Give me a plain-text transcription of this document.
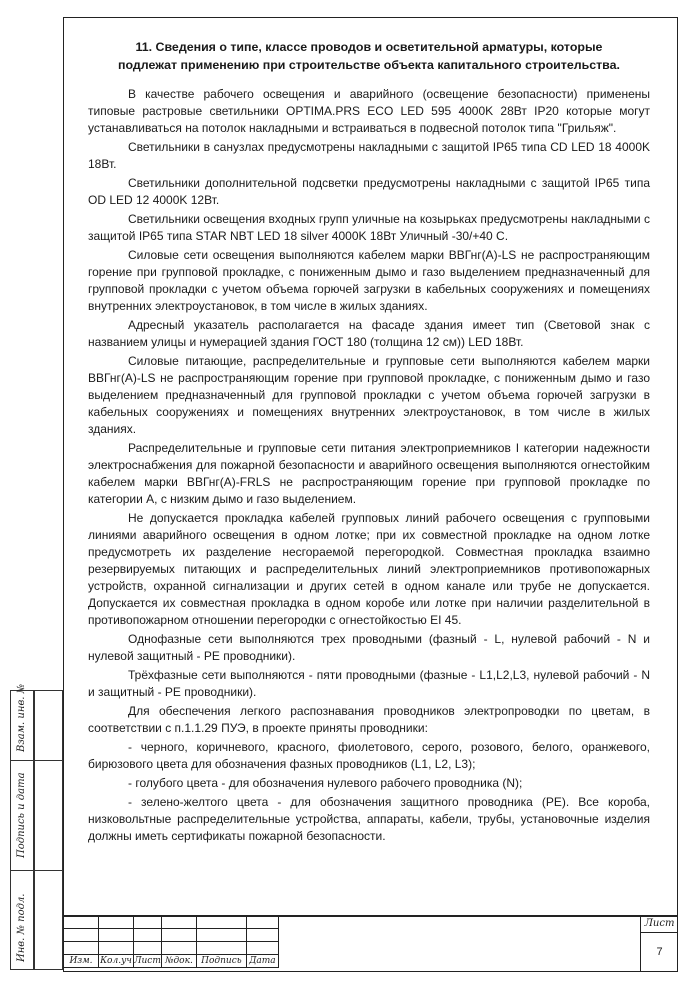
11. Сведения о типе, классе проводов и осветительной арматуры, которые
подлежат применению при строительстве объекта капитального строительства.

В качестве рабочего освещения и аварийного (освещение безопасности) применены типовые растровые светильники OPTIMA.PRS ECO LED 595 4000K 28Вт IP20 которые могут устанавливаться на потолок накладными и встраиваться в подвесной потолок типа "Грильяж".

Светильники в санузлах предусмотрены накладными с защитой IP65 типа CD LED 18 4000K 18Вт.

Светильники дополнительной подсветки предусмотрены накладными с защитой IP65 типа OD LED 12 4000K 12Вт.

Светильники освещения входных групп уличные на козырьках предусмотрены накладными с защитой IP65 типа STAR NBT LED 18 silver 4000K 18Вт Уличный -30/+40 С.

Силовые сети освещения выполняются кабелем марки ВВГнг(А)-LS не распространяющим горение при групповой прокладке, с пониженным дымо и газо выделением предназначенный для групповой прокладки с учетом объема горючей загрузки в кабельных сооружениях и помещениях внутренних электроустановок, в том числе в жилых зданиях.

Адресный указатель располагается на фасаде здания имеет тип (Световой знак с названием улицы и нумерацией здания ГОСТ 180 (толщина 12 см)) LED 18Вт.

Силовые питающие, распределительные и групповые сети выполняются кабелем марки ВВГнг(А)-LS не распространяющим горение при групповой прокладке, с пониженным дымо и газо выделением предназначенный для групповой прокладки с учетом объема горючей загрузки в кабельных сооружениях и помещениях внутренних электроустановок, в том числе в жилых зданиях.

Распределительные и групповые сети питания электроприемников I категории надежности электроснабжения для пожарной безопасности и аварийного освещения выполняются огнестойким кабелем марки ВВГнг(А)-FRLS не распространяющим горение при групповой прокладке по категории А, с низким дымо и газо выделением.

Не допускается прокладка кабелей групповых линий рабочего освещения с групповыми линиями аварийного освещения в одном лотке; при их совместной прокладке на одном лотке предусмотреть их разделение несгораемой перегородкой. Совместная прокладка взаимно резервируемых питающих и распределительных линий электроприемников противопожарных устройств, охранной сигнализации и других сетей в одном канале или трубе не допускается. Допускается их совместная прокладка в одном коробе или лотке при наличии разделительной в противопожарном отношении перегородки с огнестойкостью EI 45.

Однофазные сети выполняются трех проводными (фазный - L, нулевой рабочий - N и нулевой защитный - PE проводники).

Трёхфазные сети выполняются - пяти проводными (фазные - L1,L2,L3, нулевой рабочий - N и защитный - PE проводники).

Для обеспечения легкого распознавания проводников электропроводки по цветам, в соответствии с п.1.1.29 ПУЭ, в проекте приняты проводники:

- черного, коричневого, красного, фиолетового, серого, розового, белого, оранжевого, бирюзового цвета для обозначения фазных проводников (L1, L2, L3);

- голубого цвета - для обозначения нулевого рабочего проводника (N);

- зелено-желтого цвета - для обозначения защитного проводника (PE). Все короба, низковольтные распределительные устройства, аппараты, кабели, трубы, установочные изделия должны иметь сертификаты пожарной безопасности.

Взам. инв. №
Подпись и дата
Инв. № подл.

						Изм.	Кол.уч	Лист	№док.	Подпись	Дата
Лист
7
